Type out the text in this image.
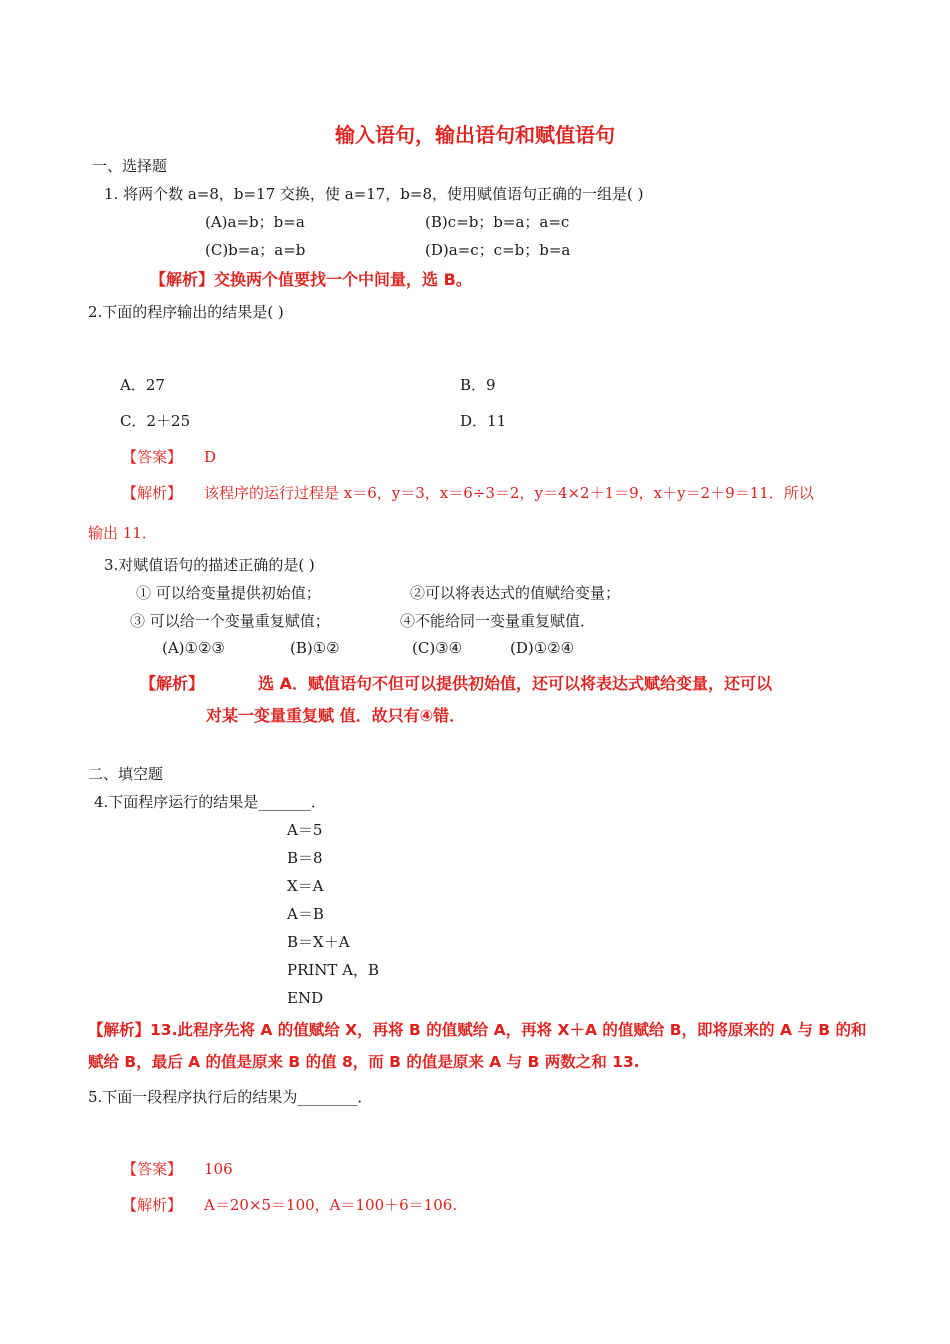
输入语句，输出语句和赋值语句
一、选择题
1. 将两个数 a=8，b=17 交换，使 a=17，b=8，使用赋值语句正确的一组是( )
(A)a=b；b=a	(B)c=b；b=a；a=c
(C)b=a；a=b	(D)a=c；c=b；b=a
【解析】交换两个值要找一个中间量，选 B。
2.下面的程序输出的结果是( )
A．27	B．9
C．2＋25	D．11
【答案】 D
【解析】 该程序的运行过程是 x＝6，y＝3，x＝6÷3＝2，y＝4×2＋1＝9，x＋y＝2＋9＝11．所以
输出 11．
3.对赋值语句的描述正确的是( )
① 可以给变量提供初始值；	②可以将表达式的值赋给变量；
③ 可以给一个变量重复赋值；	④不能给同一变量重复赋值．
(A)①②③	(B)①②	(C)③④	(D)①②④
【解析】	选 A．赋值语句不但可以提供初始值，还可以将表达式赋给变量，还可以
对某一变量重复赋 值．故只有④错．
二、填空题
4.下面程序运行的结果是_______．
A＝5
B＝8
X＝A
A＝B
B＝X＋A
PRINT A，B
END
【解析】13.此程序先将 A 的值赋给 X，再将 B 的值赋给 A，再将 X＋A 的值赋给 B，即将原来的 A 与 B 的和
赋给 B，最后 A 的值是原来 B 的值 8，而 B 的值是原来 A 与 B 两数之和 13.
5.下面一段程序执行后的结果为________．
【答案】 106
【解析】 A＝20×5＝100，A＝100＋6＝106.
